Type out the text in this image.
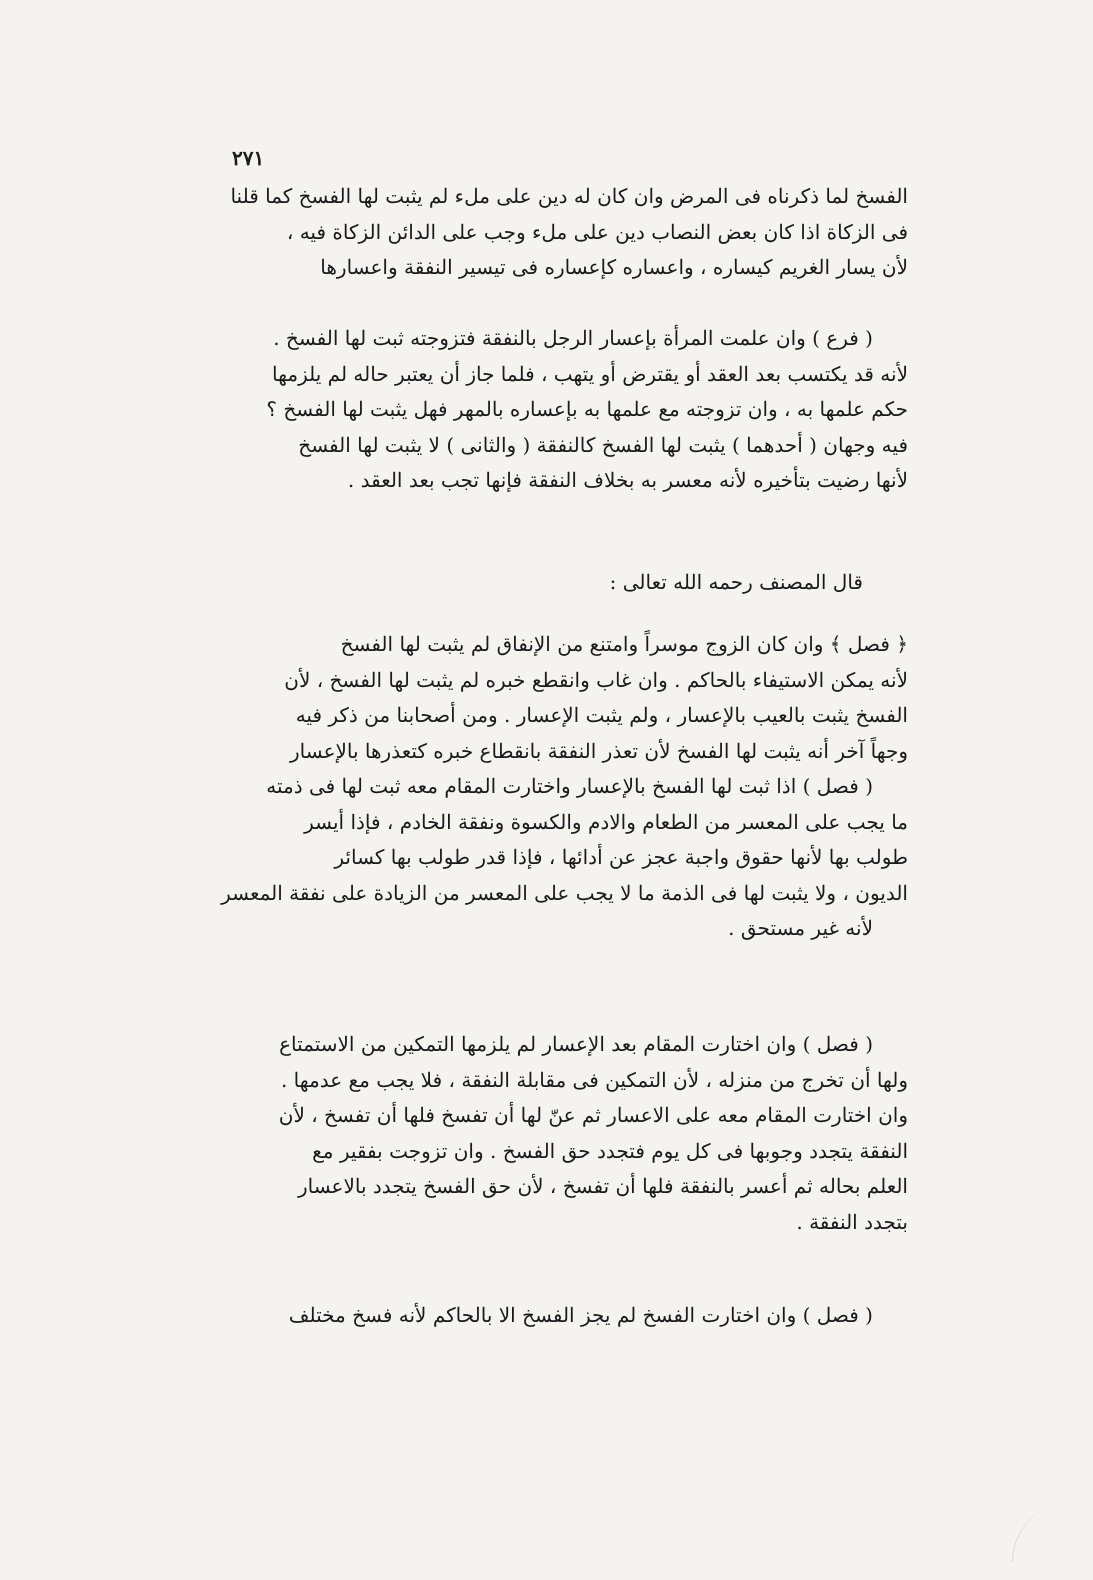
٢٧١
الفسخ لما ذكرناه فى المرض وان كان له دين على ملء لم يثبت لها الفسخ كما قلنا
فى الزكاة اذا كان بعض النصاب دين على ملء وجب على الدائن الزكاة فيه ،
لأن يسار الغريم كيساره ، واعساره كإعساره فى تيسير النفقة واعسارها
( فرع ) وان علمت المرأة بإعسار الرجل بالنفقة فتزوجته ثبت لها الفسخ .
لأنه قد يكتسب بعد العقد أو يقترض أو يتهب ، فلما جاز أن يعتبر حاله لم يلزمها
حكم علمها به ، وان تزوجته مع علمها به بإعساره بالمهر فهل يثبت لها الفسخ ؟
فيه وجهان ( أحدهما ) يثبت لها الفسخ كالنفقة ( والثانى ) لا يثبت لها الفسخ
لأنها رضيت بتأخيره لأنه معسر به بخلاف النفقة فإنها تجب بعد العقد .
قال المصنف رحمه الله تعالى :
﴿ فصل ﴾ وان كان الزوج موسراً وامتنع من الإنفاق لم يثبت لها الفسخ
لأنه يمكن الاستيفاء بالحاكم . وان غاب وانقطع خبره لم يثبت لها الفسخ ، لأن
الفسخ يثبت بالعيب بالإعسار ، ولم يثبت الإعسار . ومن أصحابنا من ذكر فيه
وجهاً آخر أنه يثبت لها الفسخ لأن تعذر النفقة بانقطاع خبره كتعذرها بالإعسار
( فصل ) اذا ثبت لها الفسخ بالإعسار واختارت المقام معه ثبت لها فى ذمته
ما يجب على المعسر من الطعام والادم والكسوة ونفقة الخادم ، فإذا أيسر
طولب بها لأنها حقوق واجبة عجز عن أدائها ، فإذا قدر طولب بها كسائر
الديون ، ولا يثبت لها فى الذمة ما لا يجب على المعسر من الزيادة على نفقة المعسر
لأنه غير مستحق .
( فصل ) وان اختارت المقام بعد الإعسار لم يلزمها التمكين من الاستمتاع
ولها أن تخرج من منزله ، لأن التمكين فى مقابلة النفقة ، فلا يجب مع عدمها .
وان اختارت المقام معه على الاعسار ثم عنّ لها أن تفسخ فلها أن تفسخ ، لأن
النفقة يتجدد وجوبها فى كل يوم فتجدد حق الفسخ . وان تزوجت بفقير مع
العلم بحاله ثم أعسر بالنفقة فلها أن تفسخ ، لأن حق الفسخ يتجدد بالاعسار
بتجدد النفقة .
( فصل ) وان اختارت الفسخ لم يجز الفسخ الا بالحاكم لأنه فسخ مختلف
